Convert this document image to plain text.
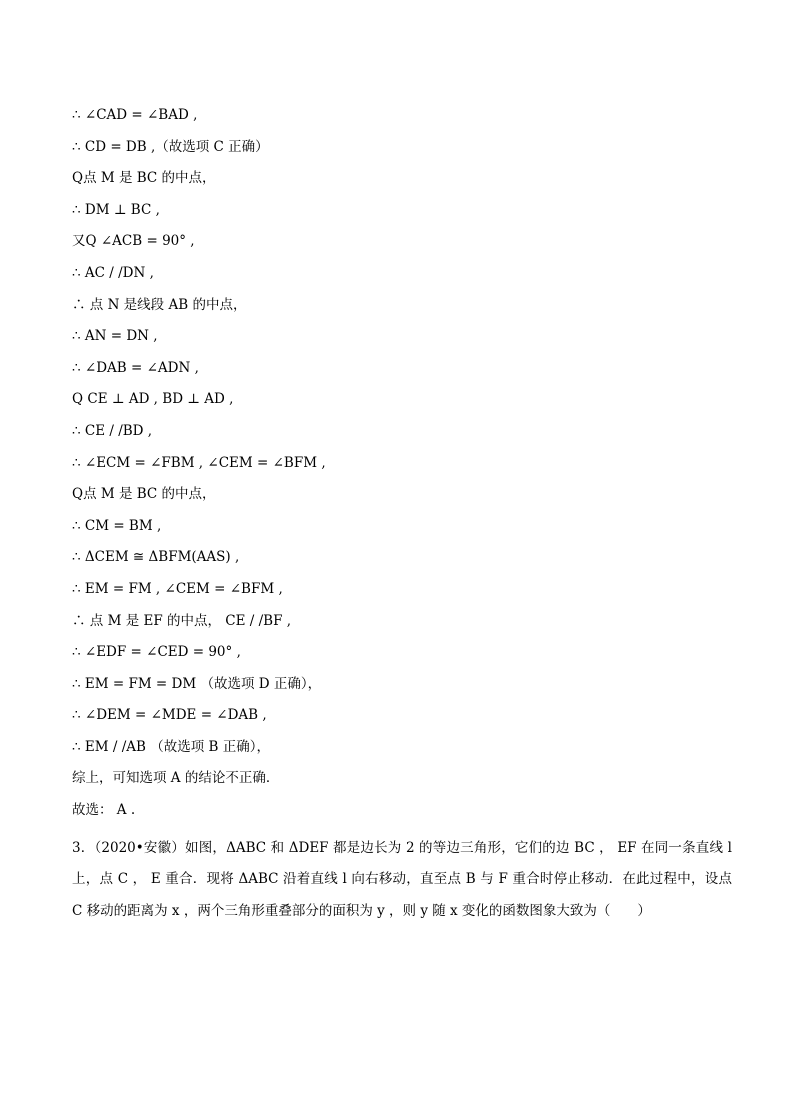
∴ ∠CAD = ∠BAD ,
∴ CD = DB ,（故选项 C 正确）
Q点 M 是 BC 的中点，
∴ DM ⊥ BC ,
又Q ∠ACB = 90° ,
∴ AC / /DN ,
∴ 点 N 是线段 AB 的中点，
∴ AN = DN ,
∴ ∠DAB = ∠ADN ,
Q CE ⊥ AD , BD ⊥ AD ,
∴ CE / /BD ,
∴ ∠ECM = ∠FBM , ∠CEM = ∠BFM ,
Q点 M 是 BC 的中点，
∴ CM = BM ,
∴ ΔCEM ≅ ΔBFM(AAS) ,
∴ EM = FM , ∠CEM = ∠BFM ,
∴ 点 M 是 EF 的中点， CE / /BF ,
∴ ∠EDF = ∠CED = 90° ,
∴ EM = FM = DM （故选项 D 正确），
∴ ∠DEM = ∠MDE = ∠DAB ,
∴ EM / /AB （故选项 B 正确），
综上，可知选项 A 的结论不正确．
故选： A .
3．（2020•安徽）如图，ΔABC 和 ΔDEF 都是边长为 2 的等边三角形，它们的边 BC ， EF 在同一条直线 l 上，点 C ， E 重合．现将 ΔABC 沿着直线 l 向右移动，直至点 B 与 F 重合时停止移动．在此过程中，设点 C 移动的距离为 x ，两个三角形重叠部分的面积为 y ，则 y 随 x 变化的函数图象大致为（　　）
